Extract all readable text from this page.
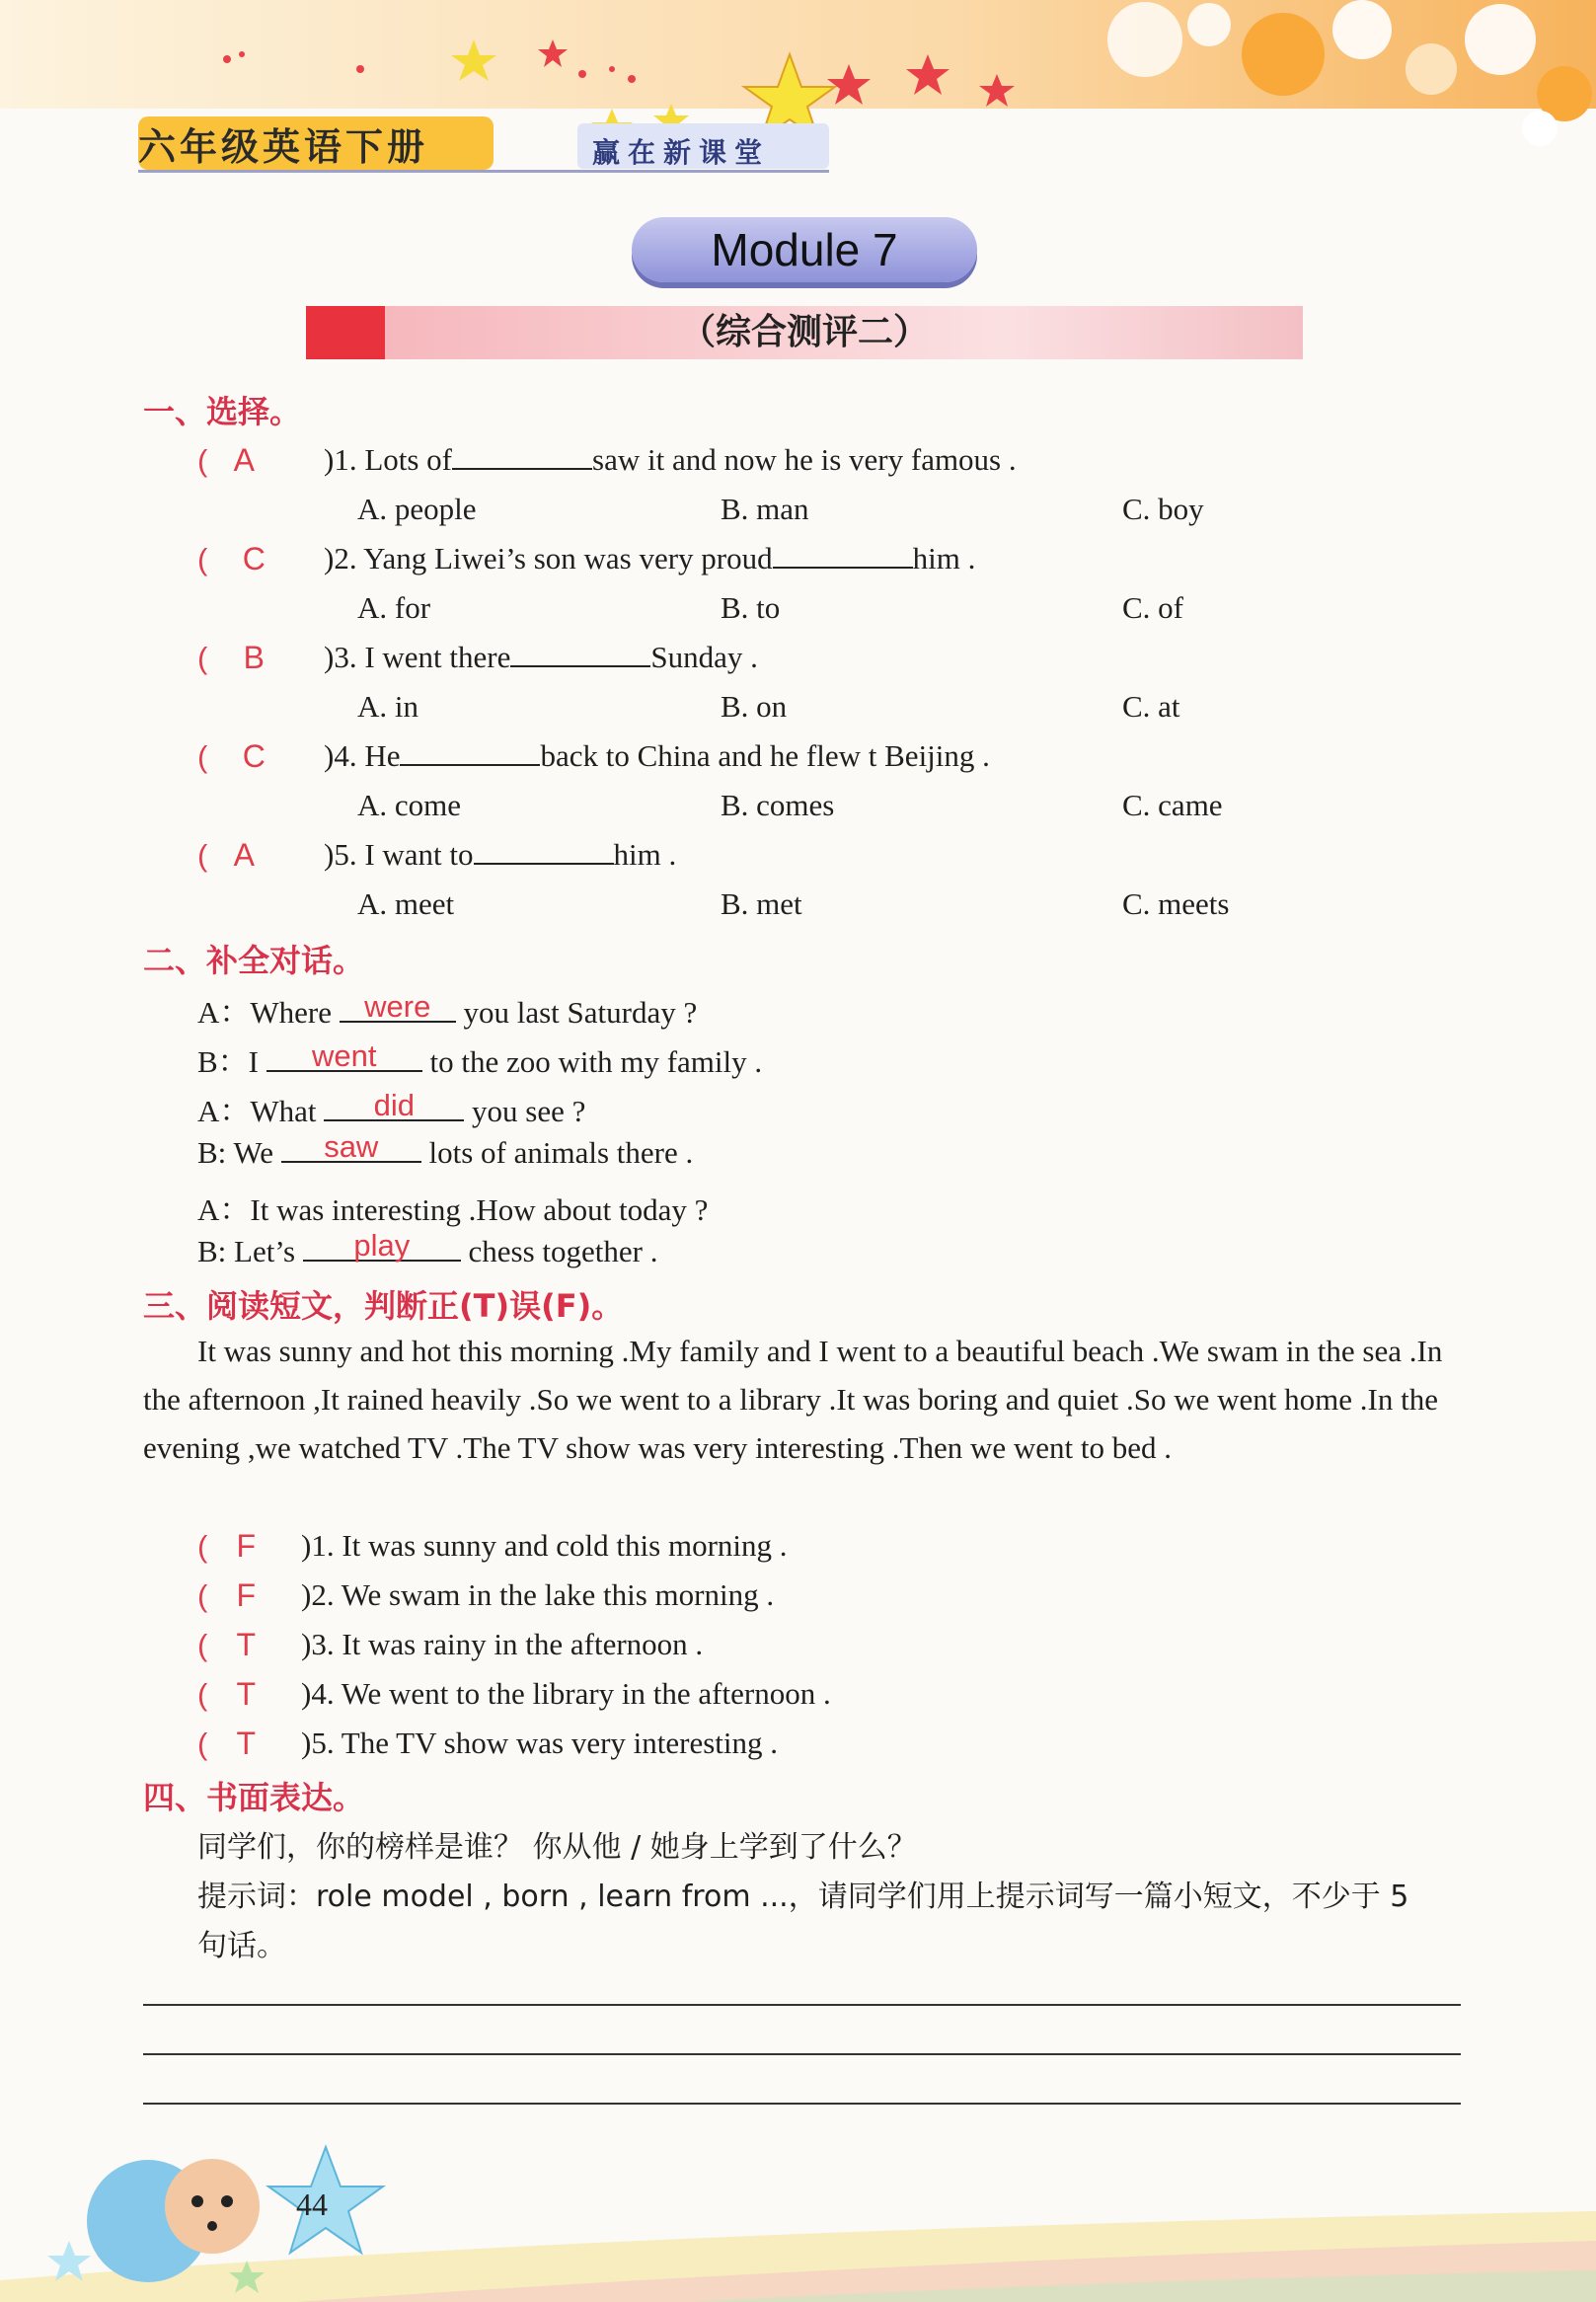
六年级英语下册	赢在新课堂
Module 7
（综合测评二）
一、选择。
( A	)1. Lots of	saw it and now he is very famous .
A. people	B. man	C. boy
( C	)2. Yang Liwei’s son was very proud	him .
A. for	B. to	C. of
( B	)3. I went there	Sunday .
A. in	B. on	C. at
( C	)4. He	back to China and he flew t Beijing .
A. come	B. comes	C. came
( A	)5. I want to	him .
A. meet	B. met	C. meets
二、补全对话。
A：Where were you last Saturday ?
B：I went to the zoo with my family .
A：What did you see ?
B: We saw lots of animals there .
A：It was interesting .How about today ?
B: Let’s play chess together .
三、阅读短文，判断正(T)误(F)。
It was sunny and hot this morning .My family and I went to a beautiful beach .We swam in the sea .In the afternoon ,It rained heavily .So we went to a library .It was boring and quiet .So we went home .In the evening ,we watched TV .The TV show was very interesting .Then we went to bed .
( F	)1. It was sunny and cold this morning .
( F	)2. We swam in the lake this morning .
( T	)3. It was rainy in the afternoon .
( T	)4. We went to the library in the afternoon .
( T	)5. The TV show was very interesting .
四、书面表达。
同学们，你的榜样是谁？ 你从他 / 她身上学到了什么？
提示词：role model , born , learn from ...，请同学们用上提示词写一篇小短文，不少于 5
句话。
44
